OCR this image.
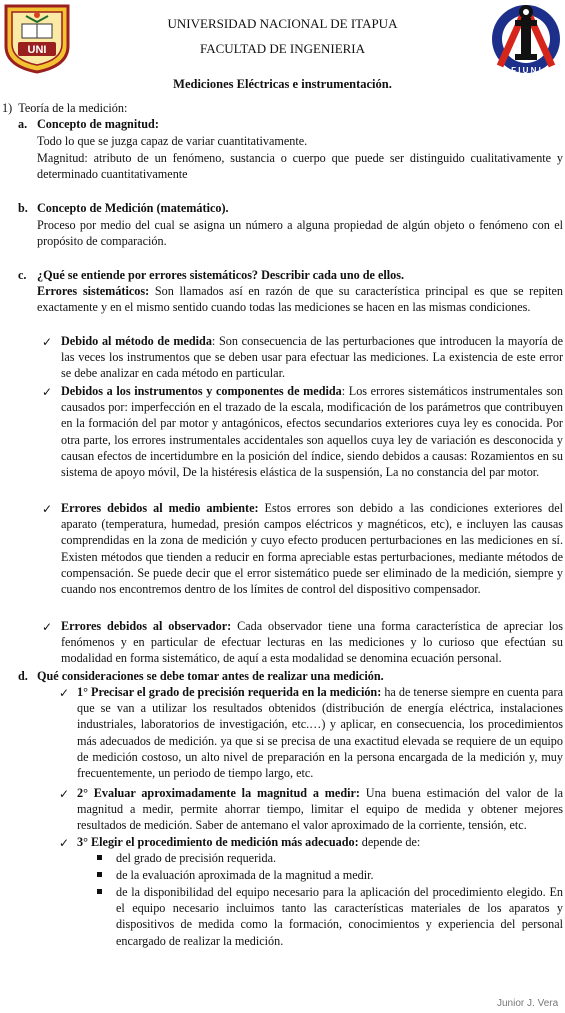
UNI
F I U N I
UNIVERSIDAD NACIONAL DE ITAPUA
FACULTAD DE INGENIERIA
Mediciones Eléctricas e instrumentación.
1)  Teoría de la medición:
a. Concepto de magnitud:
Todo lo que se juzga capaz de variar cuantitativamente.
Magnitud: atributo de un fenómeno, sustancia o cuerpo que puede ser distinguido cualitativamente y determinado cuantitativamente
b. Concepto de Medición (matemático).
Proceso por medio del cual se asigna un número a alguna propiedad de algún objeto o fenómeno con el propósito de comparación.
c. ¿Qué se entiende por errores sistemáticos? Describir cada uno de ellos.

Errores sistemáticos: Son llamados así en razón de que su característica principal es que se repiten exactamente y en el mismo sentido cuando todas las mediciones se hacen en las mismas condiciones.

✓ Debido al método de medida: Son consecuencia de las perturbaciones que introducen la mayoría de las veces los instrumentos que se deben usar para efectuar las mediciones. La existencia de este error se debe analizar en cada método en particular.

✓ Debidos a los instrumentos y componentes de medida: Los errores sistemáticos instrumentales son causados por: imperfección en el trazado de la escala, modificación de los parámetros que contribuyen en la formación del par motor y antagónicos, efectos secundarios exteriores cuya ley es conocida. Por otra parte, los errores instrumentales accidentales son aquellos cuya ley de variación es desconocida y causan efectos de incertidumbre en la posición del índice, siendo debidos a causas: Rozamientos en su sistema de apoyo móvil, De la histéresis elástica de la suspensión, La no constancia del par motor.

✓ Errores debidos al medio ambiente: Estos errores son debido a las condiciones exteriores del aparato (temperatura, humedad, presión campos eléctricos y magnéticos, etc), e incluyen las causas comprendidas en la zona de medición y cuyo efecto producen perturbaciones en las mediciones en sí. Existen métodos que tienden a reducir en forma apreciable estas perturbaciones, mediante métodos de compensación. Se puede decir que el error sistemático puede ser eliminado de la medición, siempre y cuando nos encontremos dentro de los límites de control del dispositivo compensador.

✓ Errores debidos al observador: Cada observador tiene una forma característica de apreciar los fenómenos y en particular de efectuar lecturas en las mediciones y lo curioso que efectúan su modalidad en forma sistemático, de aquí a esta modalidad se denomina ecuación personal.

d. Qué consideraciones se debe tomar antes de realizar una medición.
✓ 1° Precisar el grado de precisión requerida en la medición: ha de tenerse siempre en cuenta para que se van a utilizar los resultados obtenidos (distribución de energía eléctrica, instalaciones industriales, laboratorios de investigación, etc.…) y aplicar, en consecuencia, los procedimientos más adecuados de medición. ya que si se precisa de una exactitud elevada se requiere de un equipo de medición costoso, un alto nivel de preparación en la persona encargada de la medición y, muy frecuentemente, un periodo de tiempo largo, etc.

✓ 2° Evaluar aproximadamente la magnitud a medir: Una buena estimación del valor de la magnitud a medir, permite ahorrar tiempo, limitar el equipo de medida y obtener mejores resultados de medición. Saber de antemano el valor aproximado de la corriente, tensión, etc.

✓ 3° Elegir el procedimiento de medición más adecuado: depende de:

del grado de precisión requerida.
de la evaluación aproximada de la magnitud a medir.

de la disponibilidad del equipo necesario para la aplicación del procedimiento elegido. En el equipo necesario incluimos tanto las características materiales de los aparatos y dispositivos de medida como la formación, conocimientos y experiencia del personal encargado de realizar la medición.

Junior J. Vera
